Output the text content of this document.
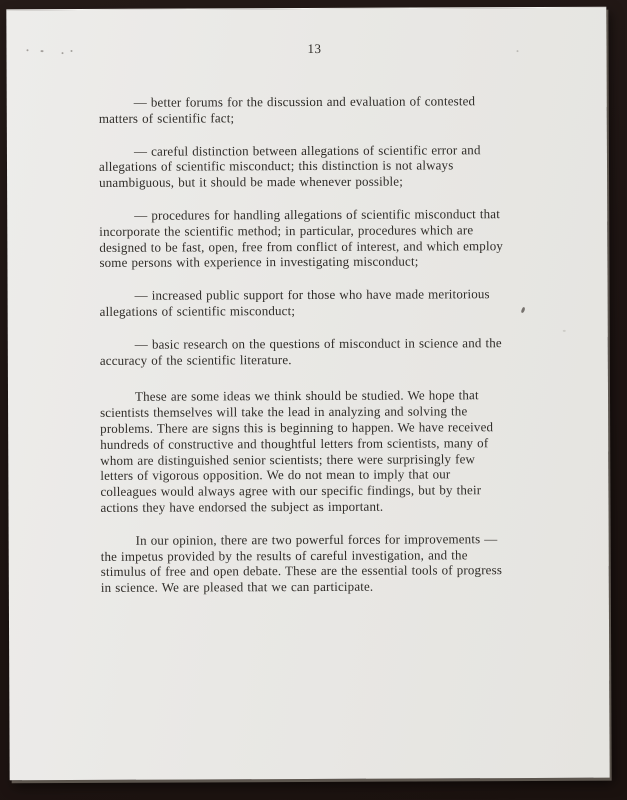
13

— better forums for the discussion and evaluation of contested
matters of scientific fact;

— careful distinction between allegations of scientific error and
allegations of scientific misconduct; this distinction is not always
unambiguous, but it should be made whenever possible;

— procedures for handling allegations of scientific misconduct that
incorporate the scientific method; in particular, procedures which are
designed to be fast, open, free from conflict of interest, and which employ
some persons with experience in investigating misconduct;

— increased public support for those who have made meritorious
allegations of scientific misconduct;

— basic research on the questions of misconduct in science and the
accuracy of the scientific literature.

These are some ideas we think should be studied. We hope that
scientists themselves will take the lead in analyzing and solving the
problems. There are signs this is beginning to happen. We have received
hundreds of constructive and thoughtful letters from scientists, many of
whom are distinguished senior scientists; there were surprisingly few
letters of vigorous opposition. We do not mean to imply that our
colleagues would always agree with our specific findings, but by their
actions they have endorsed the subject as important.

In our opinion, there are two powerful forces for improvements —
the impetus provided by the results of careful investigation, and the
stimulus of free and open debate. These are the essential tools of progress
in science. We are pleased that we can participate.
